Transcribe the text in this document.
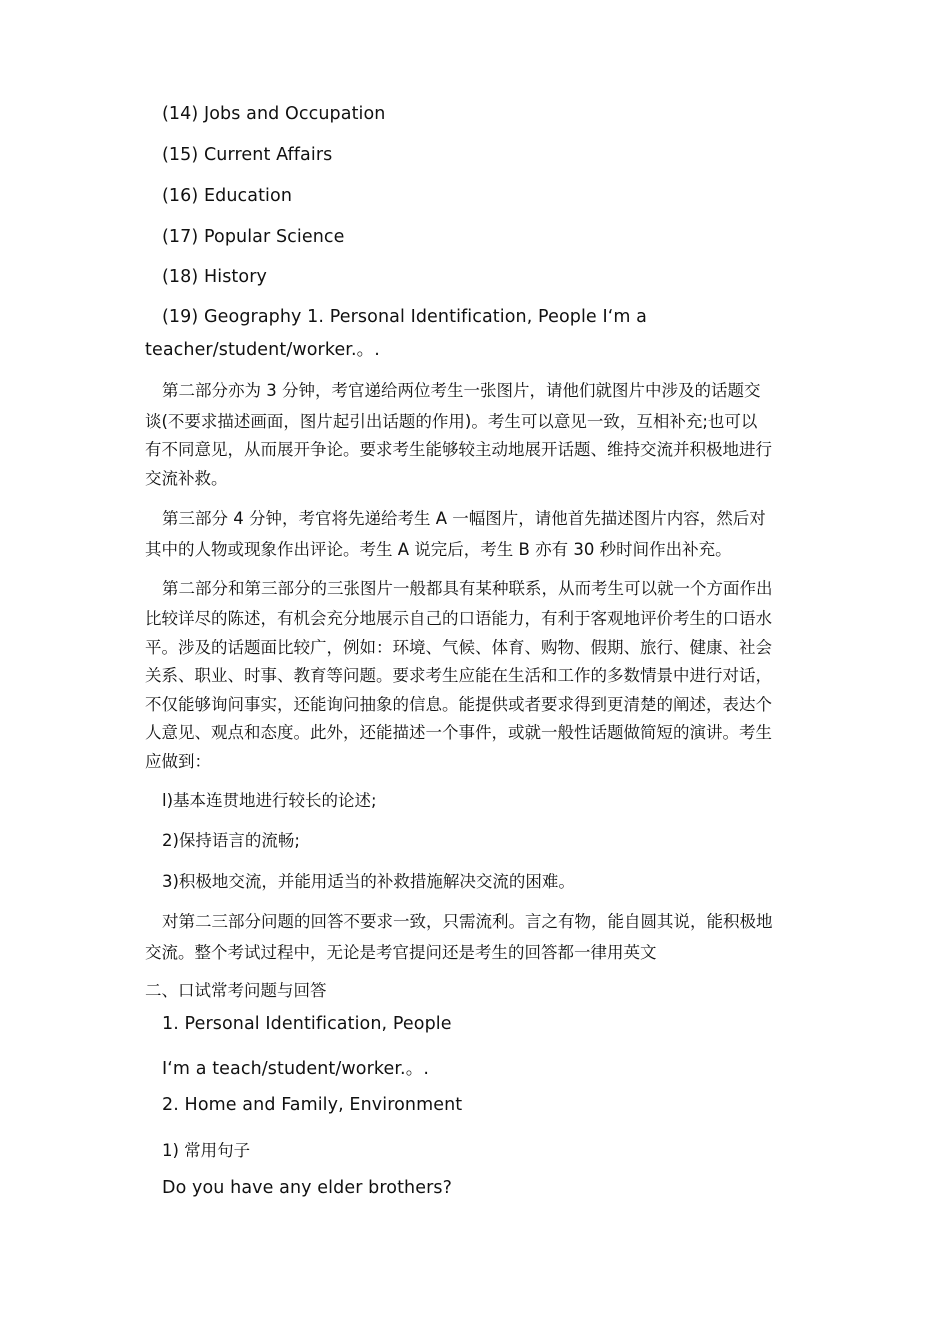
(14) Jobs and Occupation
(15) Current Affairs
(16) Education
(17) Popular Science
(18) History
(19) Geography 1. Personal Identification, People I‘m a
teacher/student/worker.。.
第二部分亦为 3 分钟，考官递给两位考生一张图片，请他们就图片中涉及的话题交
谈(不要求描述画面，图片起引出话题的作用)。考生可以意见一致，互相补充;也可以
有不同意见，从而展开争论。要求考生能够较主动地展开话题、维持交流并积极地进行
交流补救。
第三部分 4 分钟，考官将先递给考生 A 一幅图片，请他首先描述图片内容，然后对
其中的人物或现象作出评论。考生 A 说完后，考生 B 亦有 30 秒时间作出补充。
第二部分和第三部分的三张图片一般都具有某种联系，从而考生可以就一个方面作出
比较详尽的陈述，有机会充分地展示自己的口语能力，有利于客观地评价考生的口语水
平。涉及的话题面比较广，例如：环境、气候、体育、购物、假期、旅行、健康、社会
关系、职业、时事、教育等问题。要求考生应能在生活和工作的多数情景中进行对话，
不仅能够询问事实，还能询问抽象的信息。能提供或者要求得到更清楚的阐述，表达个
人意见、观点和态度。此外，还能描述一个事件，或就一般性话题做简短的演讲。考生
应做到：
l)基本连贯地进行较长的论述;
2)保持语言的流畅;
3)积极地交流，并能用适当的补救措施解决交流的困难。
对第二三部分问题的回答不要求一致，只需流利。言之有物，能自圆其说，能积极地
交流。整个考试过程中，无论是考官提问还是考生的回答都一律用英文
二、口试常考问题与回答
1. Personal Identification, People
I‘m a teach/student/worker.。.
2. Home and Family, Environment
1) 常用句子
Do you have any elder brothers?
